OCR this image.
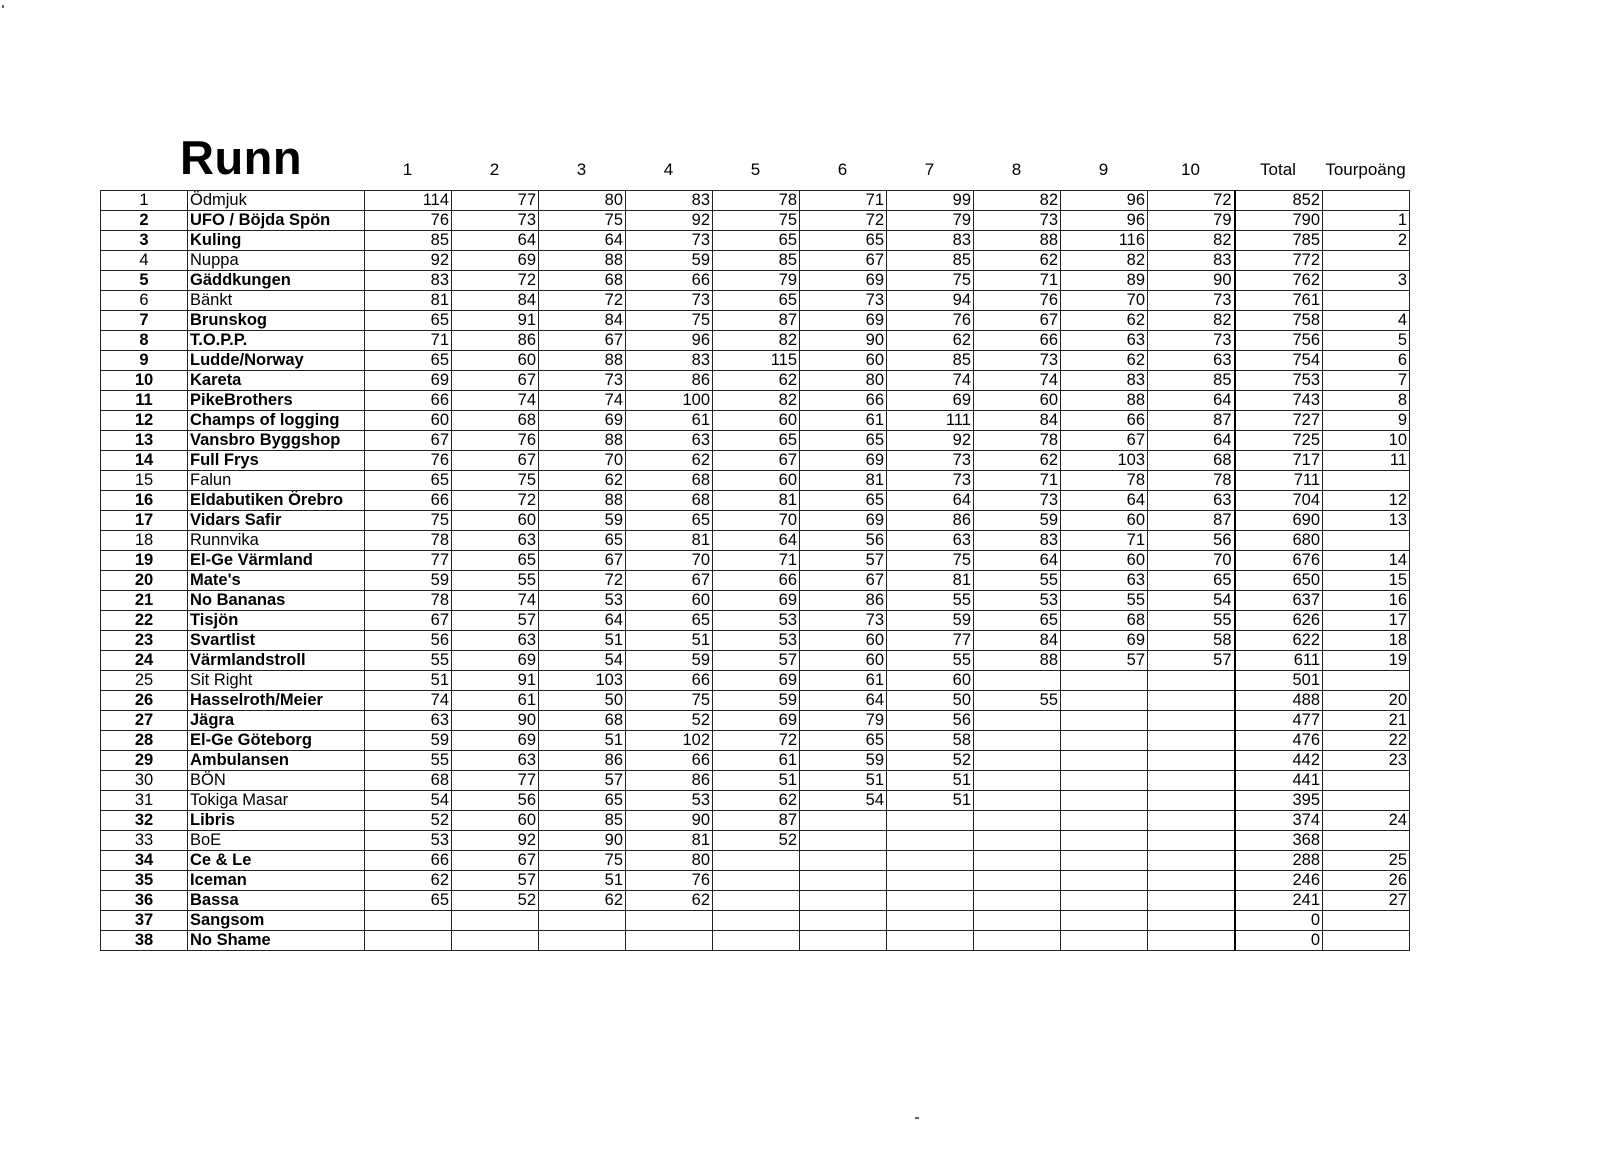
Runn	1	2	3	4	5	6	7	8	9	10	Total	Tourpoäng
1	Ödmjuk	114	77	80	83	78	71	99	82	96	72	852	
2	UFO / Böjda Spön	76	73	75	92	75	72	79	73	96	79	790	1
3	Kuling	85	64	64	73	65	65	83	88	116	82	785	2
4	Nuppa	92	69	88	59	85	67	85	62	82	83	772	
5	Gäddkungen	83	72	68	66	79	69	75	71	89	90	762	3
6	Bänkt	81	84	72	73	65	73	94	76	70	73	761	
7	Brunskog	65	91	84	75	87	69	76	67	62	82	758	4
8	T.O.P.P.	71	86	67	96	82	90	62	66	63	73	756	5
9	Ludde/Norway	65	60	88	83	115	60	85	73	62	63	754	6
10	Kareta	69	67	73	86	62	80	74	74	83	85	753	7
11	PikeBrothers	66	74	74	100	82	66	69	60	88	64	743	8
12	Champs of logging	60	68	69	61	60	61	111	84	66	87	727	9
13	Vansbro Byggshop	67	76	88	63	65	65	92	78	67	64	725	10
14	Full Frys	76	67	70	62	67	69	73	62	103	68	717	11
15	Falun	65	75	62	68	60	81	73	71	78	78	711	
16	Eldabutiken Örebro	66	72	88	68	81	65	64	73	64	63	704	12
17	Vidars Safir	75	60	59	65	70	69	86	59	60	87	690	13
18	Runnvika	78	63	65	81	64	56	63	83	71	56	680	
19	El-Ge Värmland	77	65	67	70	71	57	75	64	60	70	676	14
20	Mate's	59	55	72	67	66	67	81	55	63	65	650	15
21	No Bananas	78	74	53	60	69	86	55	53	55	54	637	16
22	Tisjön	67	57	64	65	53	73	59	65	68	55	626	17
23	Svartlist	56	63	51	51	53	60	77	84	69	58	622	18
24	Värmlandstroll	55	69	54	59	57	60	55	88	57	57	611	19
25	Sit Right	51	91	103	66	69	61	60				501	
26	Hasselroth/Meier	74	61	50	75	59	64	50	55			488	20
27	Jägra	63	90	68	52	69	79	56				477	21
28	El-Ge Göteborg	59	69	51	102	72	65	58				476	22
29	Ambulansen	55	63	86	66	61	59	52				442	23
30	BÖN	68	77	57	86	51	51	51				441	
31	Tokiga Masar	54	56	65	53	62	54	51				395	
32	Libris	52	60	85	90	87						374	24
33	BoE	53	92	90	81	52						368	
34	Ce & Le	66	67	75	80							288	25
35	Iceman	62	57	51	76							246	26
36	Bassa	65	52	62	62							241	27
37	Sangsom											0	
38	No Shame											0	
